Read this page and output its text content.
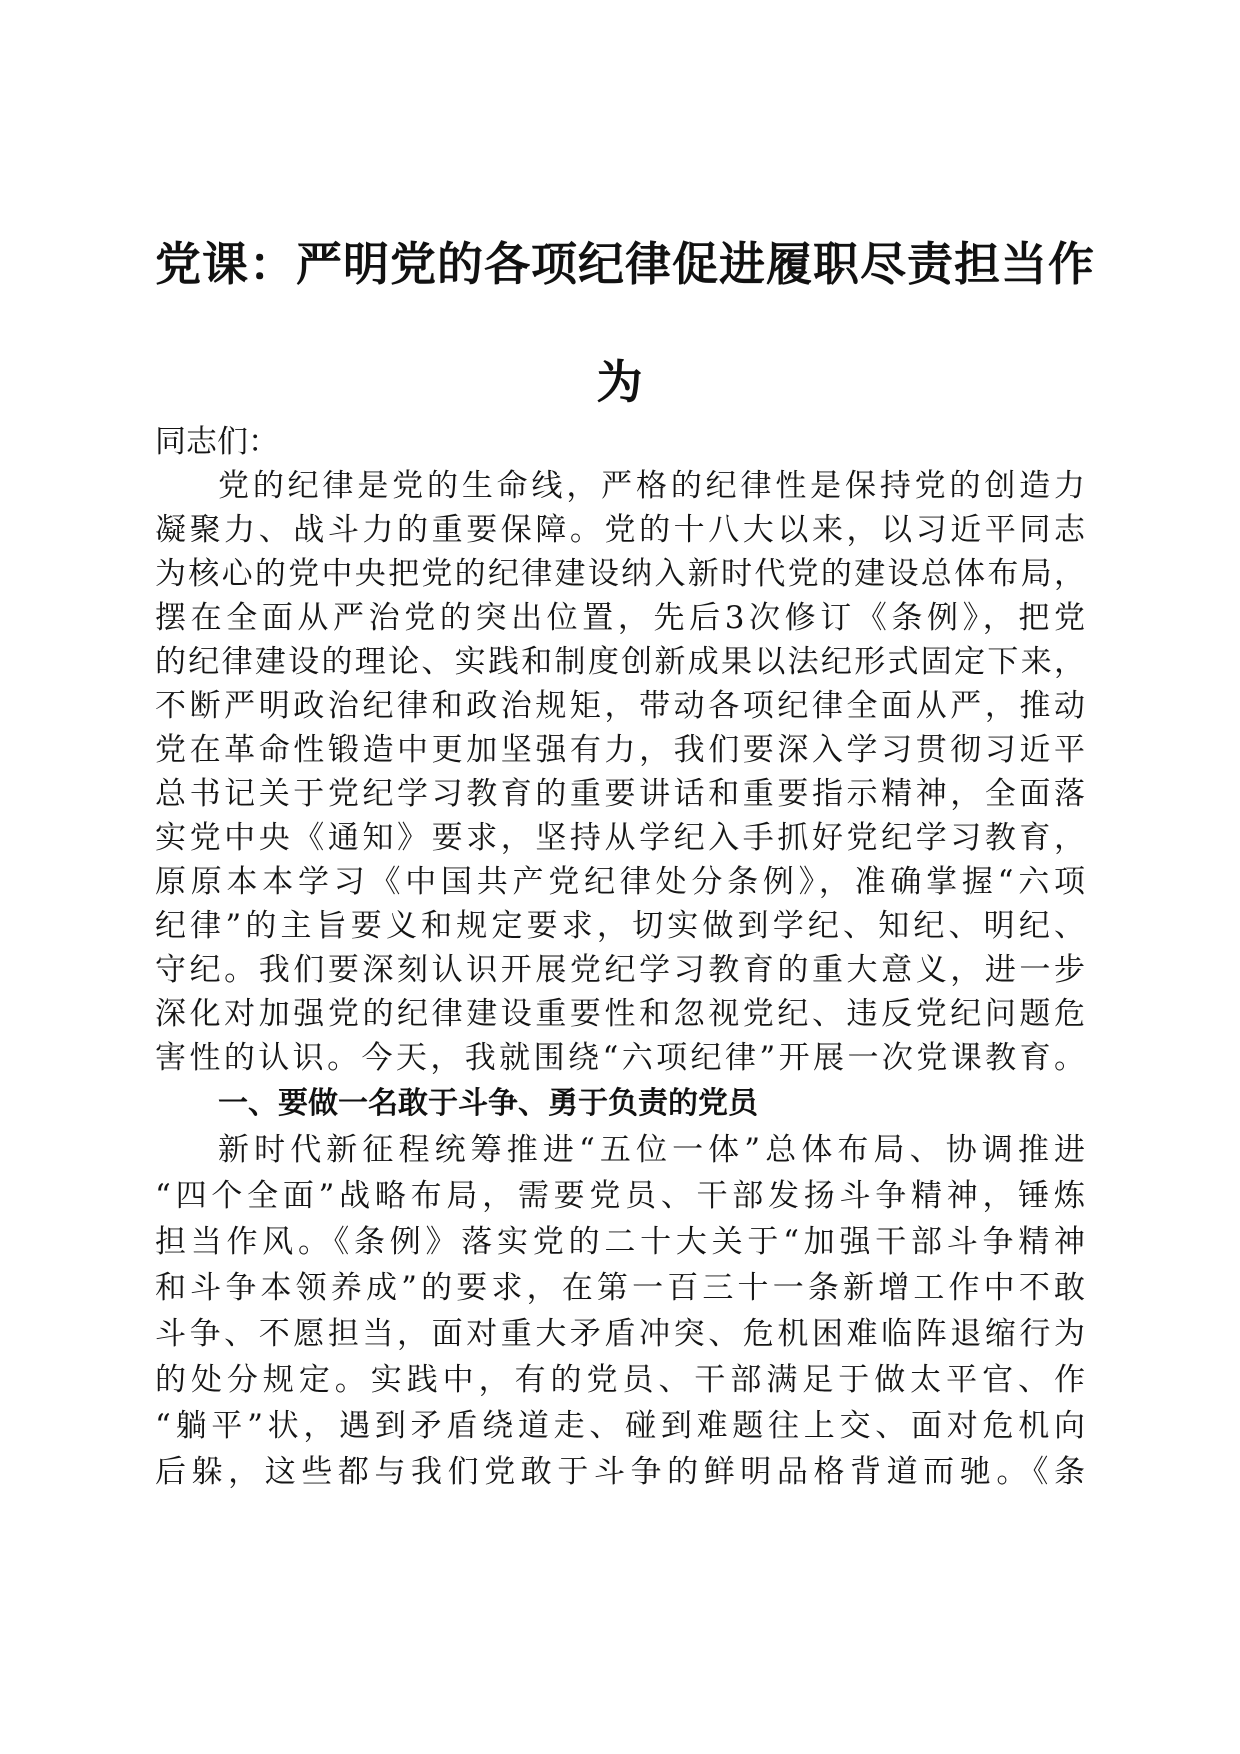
党课：严明党的各项纪律促进履职尽责担当作
为
同志们：
党的纪律是党的生命线，严格的纪律性是保持党的创造力
凝聚力、战斗力的重要保障。党的十八大以来，以习近平同志
为核心的党中央把党的纪律建设纳入新时代党的建设总体布局，
摆在全面从严治党的突出位置，先后3次修订《条例》，把党
的纪律建设的理论、实践和制度创新成果以法纪形式固定下来，
不断严明政治纪律和政治规矩，带动各项纪律全面从严，推动
党在革命性锻造中更加坚强有力，我们要深入学习贯彻习近平
总书记关于党纪学习教育的重要讲话和重要指示精神，全面落
实党中央《通知》要求，坚持从学纪入手抓好党纪学习教育，
原原本本学习《中国共产党纪律处分条例》，准确掌握“六项
纪律”的主旨要义和规定要求，切实做到学纪、知纪、明纪、
守纪。我们要深刻认识开展党纪学习教育的重大意义，进一步
深化对加强党的纪律建设重要性和忽视党纪、违反党纪问题危
害性的认识。今天，我就围绕“六项纪律”开展一次党课教育。
一、要做一名敢于斗争、勇于负责的党员
新时代新征程统筹推进“五位一体”总体布局、协调推进
“四个全面”战略布局，需要党员、干部发扬斗争精神，锤炼
担当作风。《条例》落实党的二十大关于“加强干部斗争精神
和斗争本领养成”的要求，在第一百三十一条新增工作中不敢
斗争、不愿担当，面对重大矛盾冲突、危机困难临阵退缩行为
的处分规定。实践中，有的党员、干部满足于做太平官、作
“躺平”状，遇到矛盾绕道走、碰到难题往上交、面对危机向
后躲，这些都与我们党敢于斗争的鲜明品格背道而驰。《条
